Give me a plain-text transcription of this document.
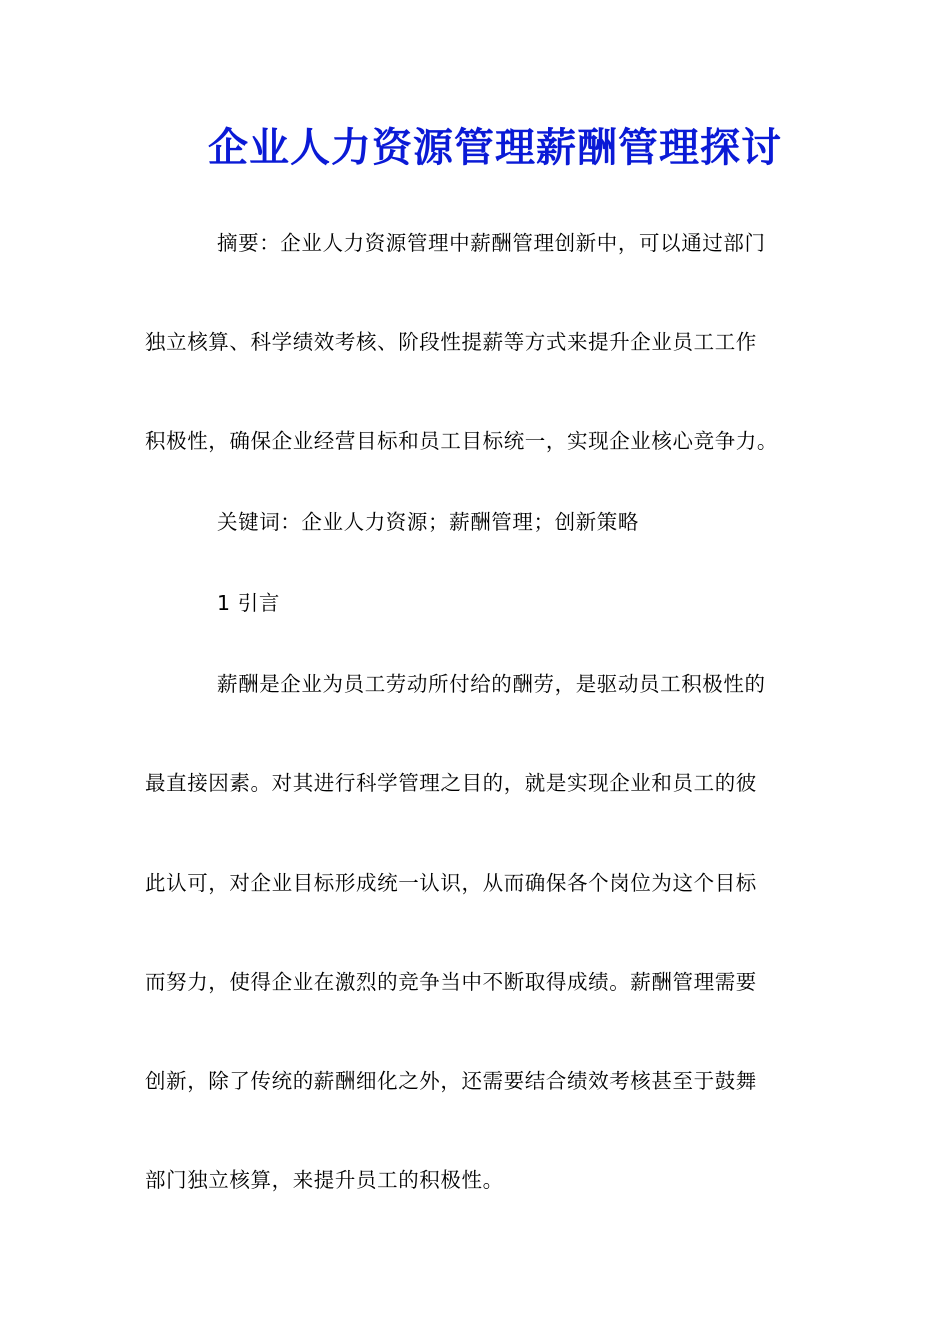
企业人力资源管理薪酬管理探讨
摘要：企业人力资源管理中薪酬管理创新中，可以通过部门
独立核算、科学绩效考核、阶段性提薪等方式来提升企业员工工作
积极性，确保企业经营目标和员工目标统一，实现企业核心竞争力。
关键词：企业人力资源；薪酬管理；创新策略
1 引言
薪酬是企业为员工劳动所付给的酬劳，是驱动员工积极性的
最直接因素。对其进行科学管理之目的，就是实现企业和员工的彼
此认可，对企业目标形成统一认识，从而确保各个岗位为这个目标
而努力，使得企业在激烈的竞争当中不断取得成绩。薪酬管理需要
创新，除了传统的薪酬细化之外，还需要结合绩效考核甚至于鼓舞
部门独立核算，来提升员工的积极性。
